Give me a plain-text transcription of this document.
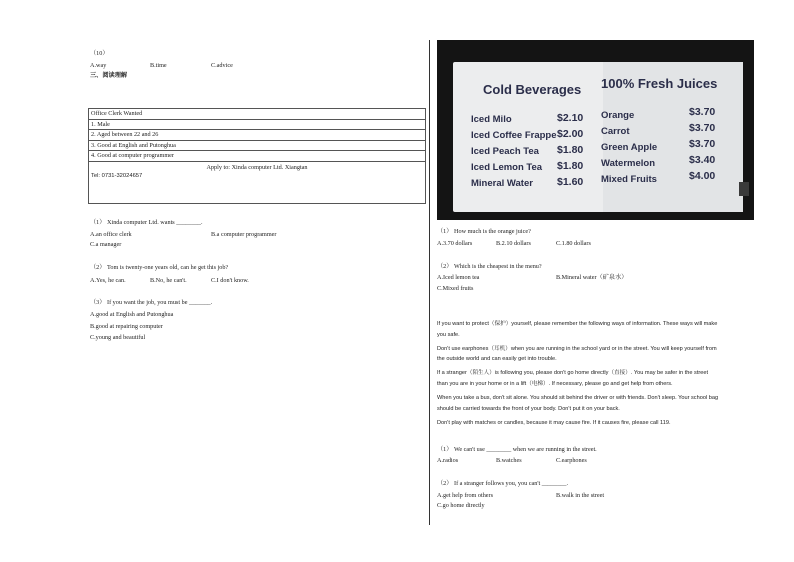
（10）
A.way	B.time	C.advice
三、阅读理解
Office Clerk Wanted
1. Male
2. Aged between 22 and 26
3. Good at English and Putonghua
4. Good at computer programmer
Apply to: Xinda computer Ltd. Xiangtan
Tel: 0731-32024657
（1） Xinda computer Ltd. wants ________.
A.an office clerk	B.a computer programmer
C.a manager
（2） Tom is twenty-one years old, can he get this job?
A.Yes, he can.	B.No, he can't.	C.I don't know.
（3） If you want the job, you must be _______.
A.good at English and Putonghua
B.good at repairing computer
C.young and beautiful
Cold Beverages 100% Fresh Juices
Iced Milo	$2.10
Iced Coffee Frappe $2.00
Iced Peach Tea $1.80
Iced Lemon Tea $1.80
Mineral Water $1.60
Orange	$3.70
Carrot	$3.70
Green Apple	$3.70
Watermelon	$3.40
Mixed Fruits	$4.00
（1） How much is the orange juice?
A.3.70 dollars	B.2.10 dollars	C.1.80 dollars
（2） Which is the cheapest in the menu?
A.Iced lemon tea	B.Mineral water（矿泉水）
C.Mixed fruits
If you want to protect（保护）yourself, please remember the following ways of information. These ways will make
you safe.
Don't use earphones（耳机）when you are running in the school yard or in the street. You will keep yourself from
the outside world and can easily get into trouble.
If a stranger（陌生人）is following you, please don't go home directly（直接）. You may be safer in the street
than you are in your home or in a lift（电梯）. If necessary, please go and get help from others.
When you take a bus, don't sit alone. You should sit behind the driver or with friends. Don't sleep. Your school bag
should be carried towards the front of your body. Don't put it on your back.
Don't play with matches or candles, because it may cause fire. If it causes fire, please call 119.
（1） We can't use ________ when we are running in the street.
A.radios	B.watches	C.earphones
（2） If a stranger follows you, you can't ________.
A.get help from others	B.walk in the street
C.go home directly
